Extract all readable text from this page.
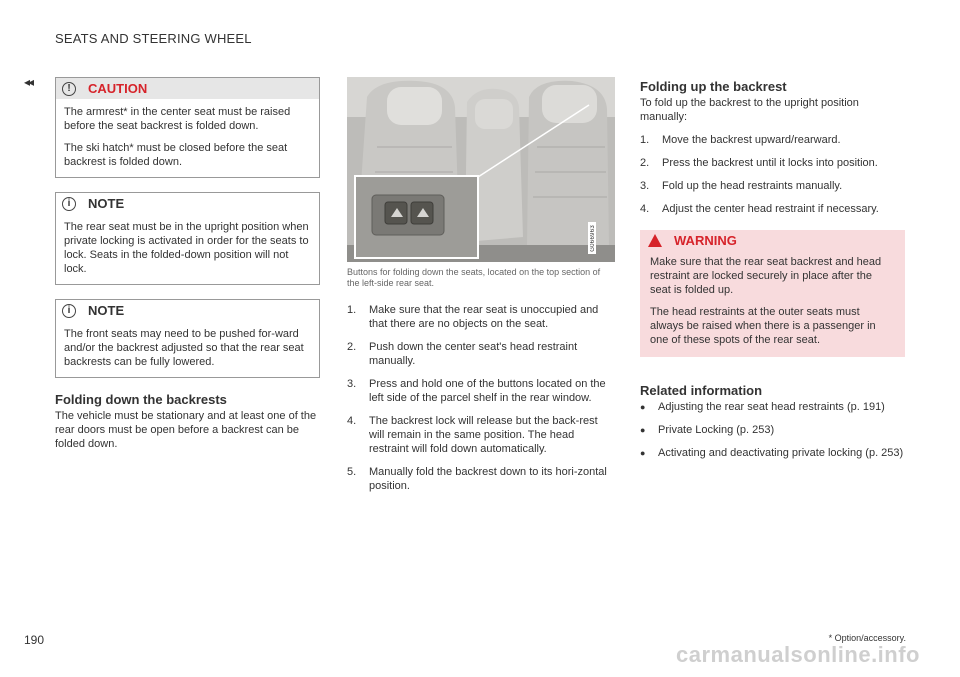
SEATS AND STEERING WHEEL
◂◂	!	CAUTION

The armrest* in the center seat must be raised before the seat backrest is folded down.

The ski hatch* must be closed before the seat backrest is folded down.

i	NOTE

The rear seat must be in the upright position when private locking is activated in order for the seats to lock. Seats in the folded-down position will not lock.

i	NOTE

The front seats may need to be pushed for-ward and/or the backrest adjusted so that the rear seat backrests can be fully lowered.

Folding down the backrests
The vehicle must be stationary and at least one of the rear doors must be open before a backrest can be folded down.
G066963
Buttons for folding down the seats, located on the top section of the left-side rear seat.
1.	Make sure that the rear seat is unoccupied and that there are no objects on the seat.
2.	Push down the center seat's head restraint manually.
3.	Press and hold one of the buttons located on the left side of the parcel shelf in the rear window.
4.	The backrest lock will release but the back-rest will remain in the same position. The head restraint will fold down automatically.
5.	Manually fold the backrest down to its hori-zontal position.
Folding up the backrest
To fold up the backrest to the upright position manually:
1.	Move the backrest upward/rearward.
2.	Press the backrest until it locks into position.
3.	Fold up the head restraints manually.
4.	Adjust the center head restraint if necessary.
WARNING

Make sure that the rear seat backrest and head restraint are locked securely in place after the seat is folded up.

The head restraints at the outer seats must always be raised when there is a passenger in one of these spots of the rear seat.

Related information
●	Adjusting the rear seat head restraints (p. 191)
●	Private Locking (p. 253)
●	Activating and deactivating private locking (p. 253)
190	* Option/accessory.
carmanualsonline.info
